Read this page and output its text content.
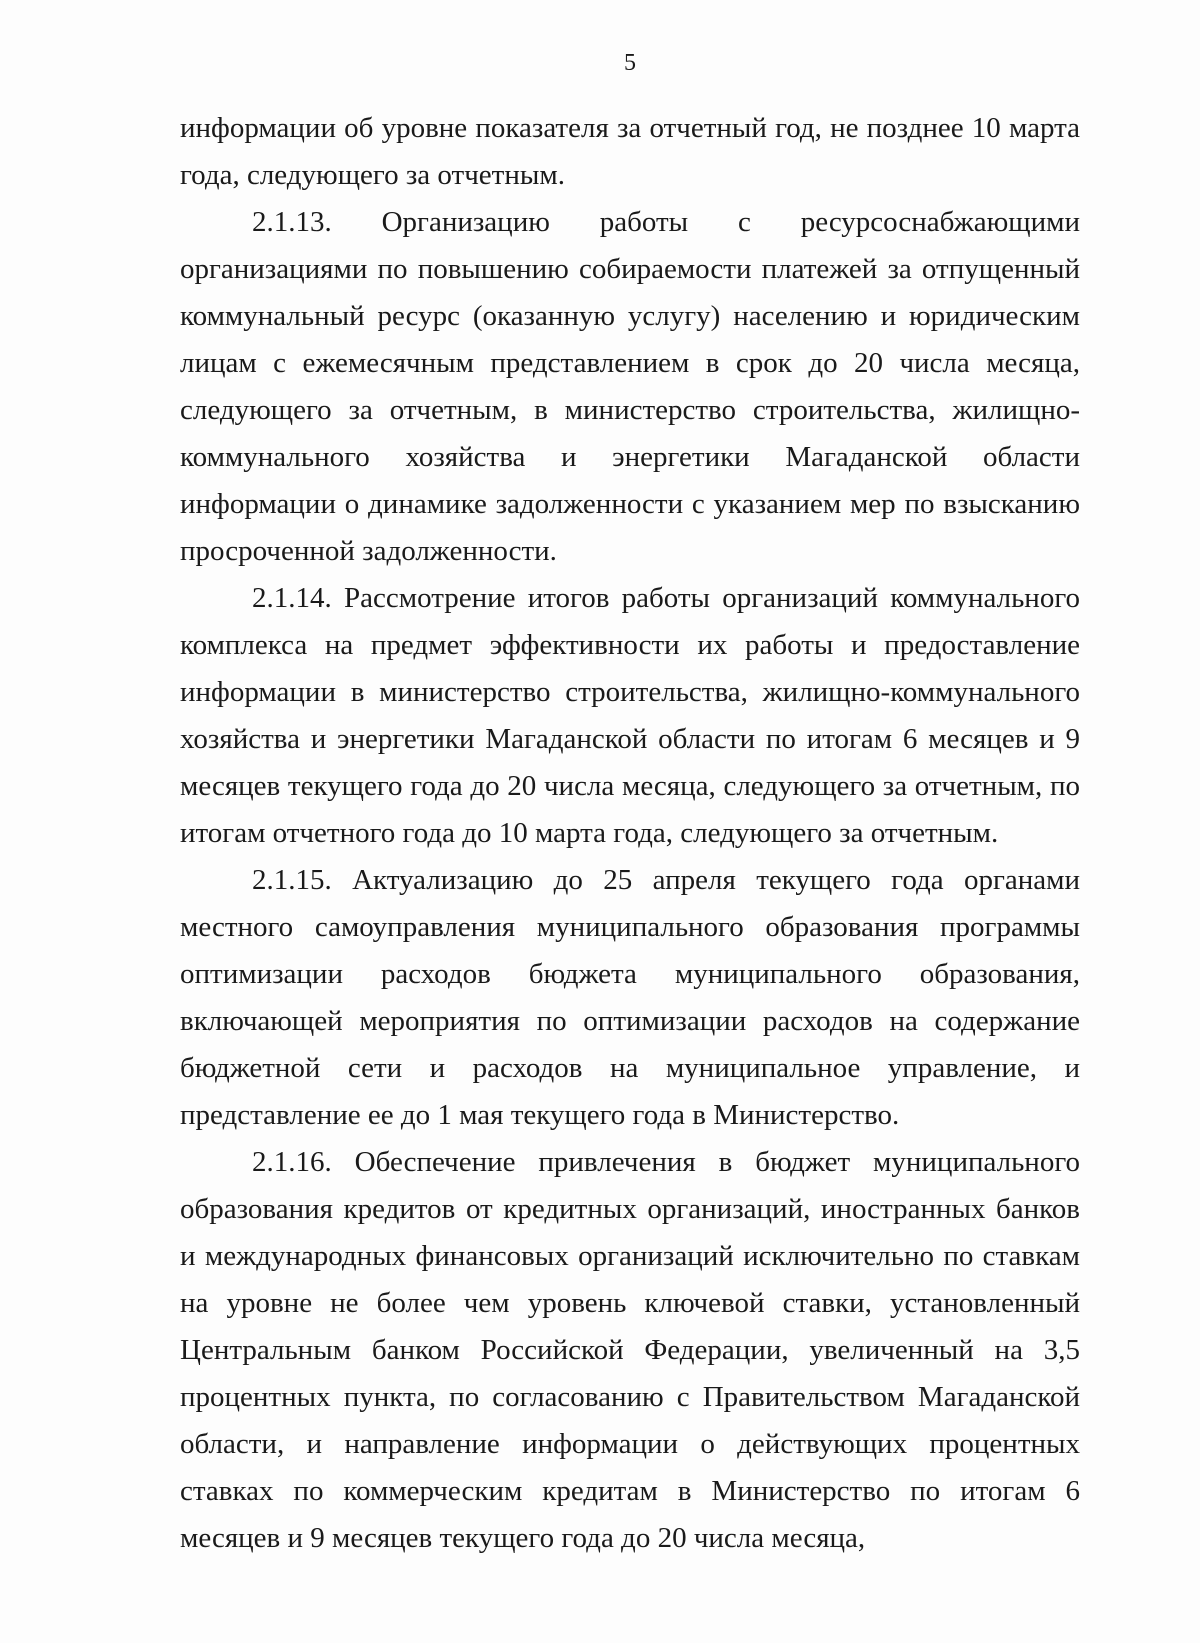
5

информации об уровне показателя за отчетный год, не позднее 10 марта года, следующего за отчетным.

2.1.13. Организацию работы с ресурсоснабжающими организациями по повышению собираемости платежей за отпущенный коммунальный ресурс (оказанную услугу) населению и юридическим лицам с ежемесячным представлением в срок до 20 числа месяца, следующего за отчетным, в министерство строительства, жилищно-коммунального хозяйства и энергетики Магаданской области информации о динамике задолженности с указанием мер по взысканию просроченной задолженности.

2.1.14. Рассмотрение итогов работы организаций коммунального комплекса на предмет эффективности их работы и предоставление информации в министерство строительства, жилищно-коммунального хозяйства и энергетики Магаданской области по итогам 6 месяцев и 9 месяцев текущего года до 20 числа месяца, следующего за отчетным, по итогам отчетного года до 10 марта года, следующего за отчетным.

2.1.15. Актуализацию до 25 апреля текущего года органами местного самоуправления муниципального образования программы оптимизации расходов бюджета муниципального образования, включающей мероприятия по оптимизации расходов на содержание бюджетной сети и расходов на муниципальное управление, и представление ее до 1 мая текущего года в Министерство.

2.1.16. Обеспечение привлечения в бюджет муниципального образования кредитов от кредитных организаций, иностранных банков и международных финансовых организаций исключительно по ставкам на уровне не более чем уровень ключевой ставки, установленный Центральным банком Российской Федерации, увеличенный на 3,5 процентных пункта, по согласованию с Правительством Магаданской области, и направление информации о действующих процентных ставках по коммерческим кредитам в Министерство по итогам 6 месяцев и 9 месяцев текущего года до 20 числа месяца,
